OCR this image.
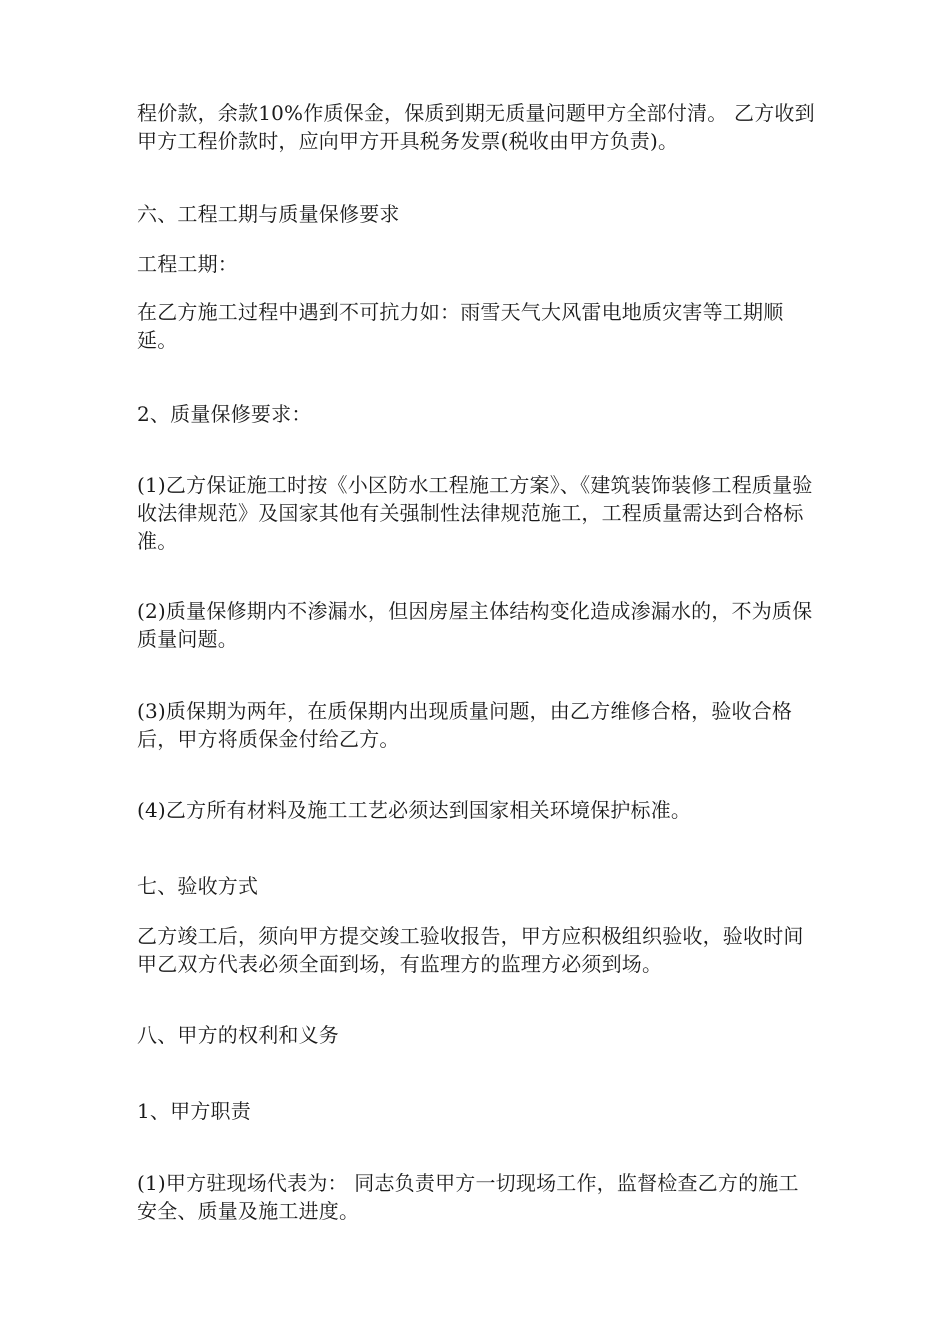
程价款，余款10%作质保金，保质到期无质量问题甲方全部付清。 乙方收到甲方工程价款时，应向甲方开具税务发票(税收由甲方负责)。

六、工程工期与质量保修要求

工程工期：

在乙方施工过程中遇到不可抗力如：雨雪天气大风雷电地质灾害等工期顺延。

2、质量保修要求：

(1)乙方保证施工时按《小区防水工程施工方案》、《建筑装饰装修工程质量验收法律规范》及国家其他有关强制性法律规范施工，工程质量需达到合格标准。

(2)质量保修期内不渗漏水，但因房屋主体结构变化造成渗漏水的，不为质保质量问题。

(3)质保期为两年，在质保期内出现质量问题，由乙方维修合格，验收合格后，甲方将质保金付给乙方。

(4)乙方所有材料及施工工艺必须达到国家相关环境保护标准。

七、验收方式

乙方竣工后，须向甲方提交竣工验收报告，甲方应积极组织验收，验收时间甲乙双方代表必须全面到场，有监理方的监理方必须到场。

八、甲方的权利和义务

1、甲方职责

(1)甲方驻现场代表为： 同志负责甲方一切现场工作，监督检查乙方的施工安全、质量及施工进度。
